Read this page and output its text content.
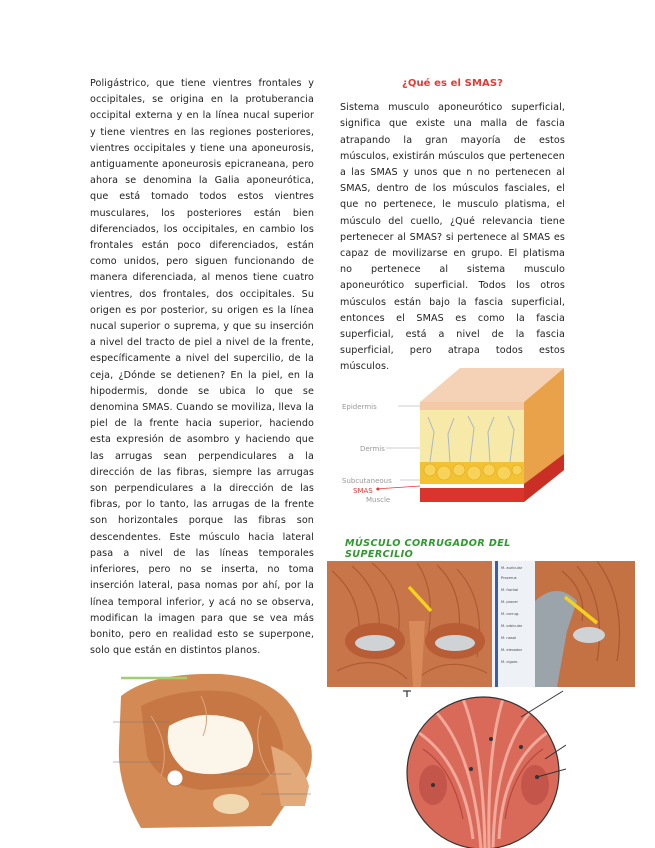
Poligástrico, que tiene vientres frontales y occipitales, se origina en la protuberancia occipital externa y en la línea nucal superior y tiene vientres en las regiones posteriores, vientres occipitales y tiene una aponeurosis, antiguamente aponeurosis epicraneana, pero ahora se denomina la Galia aponeurótica, que está tomado todos estos vientres musculares, los posteriores están bien diferenciados, los occipitales, en cambio los frontales están poco diferenciados, están como unidos, pero siguen funcionando de manera diferenciada, al menos tiene cuatro vientres, dos frontales, dos occipitales. Su origen es por posterior, su origen es la línea nucal superior o suprema, y que su inserción a nivel del tracto de piel a nivel de la frente, específicamente a nivel del supercilio, de la ceja, ¿Dónde se detienen? En la piel, en la hipodermis, donde se ubica lo que se denomina SMAS. Cuando se moviliza, lleva la piel de la frente hacia superior, haciendo esta expresión de asombro y haciendo que las arrugas sean perpendiculares a la dirección de las fibras, siempre las arrugas son perpendiculares a la dirección de las fibras, por lo tanto, las arrugas de la frente son horizontales porque las fibras son descendentes. Este músculo hacia lateral pasa a nivel de las líneas temporales inferiores, pero no se inserta, no toma inserción lateral, pasa nomas por ahí, por la línea temporal inferior, y acá no se observa, modifican la imagen para que se vea más bonito, pero en realidad esto se superpone, solo que están en distintos planos.

¿Qué es el SMAS?

Sistema musculo aponeurótico superficial, significa que existe una malla de fascia atrapando la gran mayoría de estos músculos, existirán músculos que pertenecen a las SMAS y unos que n no pertenecen al SMAS, dentro de los músculos fasciales, el que no pertenece, le musculo platisma, el músculo del cuello, ¿Qué relevancia tiene pertenecer al SMAS? si pertenece al SMAS es capaz de movilizarse en grupo. El platisma no pertenece al sistema musculo aponeurótico superficial. Todos los otros músculos están bajo la fascia superficial, entonces el SMAS es como la fascia superficial, está a nivel de la fascia superficial, pero atrapa todos estos músculos.

Epidermis
Dermis
Subcutaneous
SMAS
Muscle
MÚSCULO CORRUGADOR DEL SUPERCILIO
M. auricular
Procerus
M. frontal
M. procer
M. corrug.
M. orbicular
M. nasal
M. elevador
M. cigom.
